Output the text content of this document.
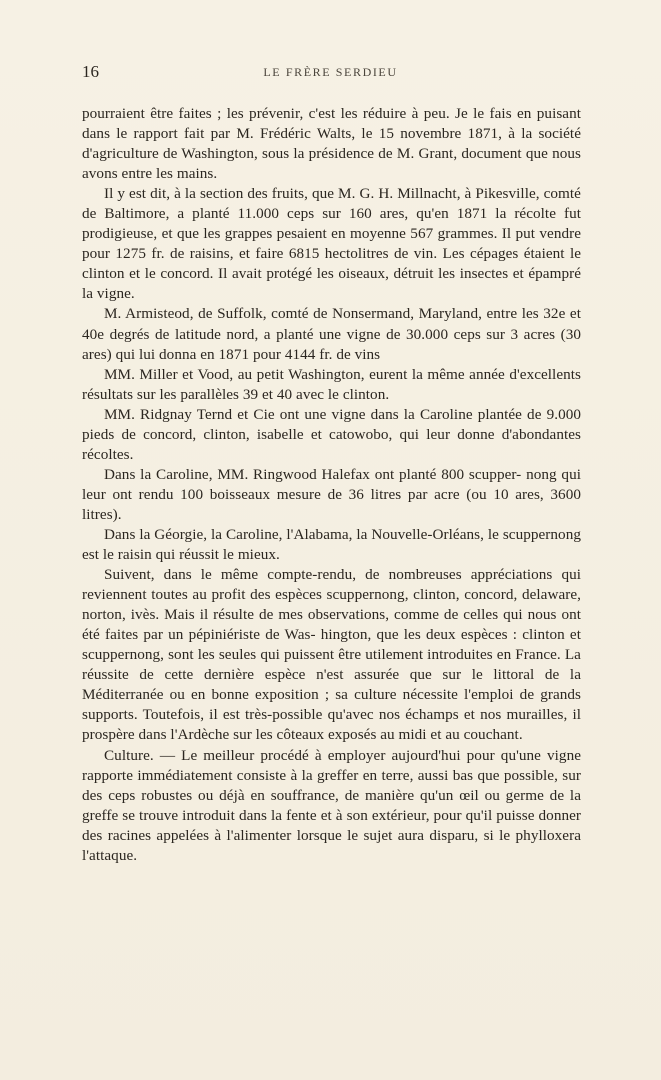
16	LE FRÈRE SERDIEU

pourraient être faites ; les prévenir, c'est les réduire à peu. Je le fais en puisant dans le rapport fait par M. Frédéric Walts, le 15 novembre 1871, à la société d'agriculture de Washington, sous la présidence de M. Grant, document que nous avons entre les mains.

Il y est dit, à la section des fruits, que M. G. H. Millnacht, à Pikesville, comté de Baltimore, a planté 11.000 ceps sur 160 ares, qu'en 1871 la récolte fut prodigieuse, et que les grappes pesaient en moyenne 567 grammes. Il put vendre pour 1275 fr. de raisins, et faire 6815 hectolitres de vin. Les cépages étaient le clinton et le concord. Il avait protégé les oiseaux, détruit les insectes et épampré la vigne.

M. Armisteod, de Suffolk, comté de Nonsermand, Maryland, entre les 32e et 40e degrés de latitude nord, a planté une vigne de 30.000 ceps sur 3 acres (30 ares) qui lui donna en 1871 pour 4144 fr. de vins

MM. Miller et Vood, au petit Washington, eurent la même année d'excellents résultats sur les parallèles 39 et 40 avec le clinton.

MM. Ridgnay Ternd et Cie ont une vigne dans la Caroline plantée de 9.000 pieds de concord, clinton, isabelle et catowobo, qui leur donne d'abondantes récoltes.

Dans la Caroline, MM. Ringwood Halefax ont planté 800 scupper- nong qui leur ont rendu 100 boisseaux mesure de 36 litres par acre (ou 10 ares, 3600 litres).

Dans la Géorgie, la Caroline, l'Alabama, la Nouvelle-Orléans, le scuppernong est le raisin qui réussit le mieux.

Suivent, dans le même compte-rendu, de nombreuses appréciations qui reviennent toutes au profit des espèces scuppernong, clinton, concord, delaware, norton, ivès. Mais il résulte de mes observations, comme de celles qui nous ont été faites par un pépiniériste de Was- hington, que les deux espèces : clinton et scuppernong, sont les seules qui puissent être utilement introduites en France. La réussite de cette dernière espèce n'est assurée que sur le littoral de la Méditerranée ou en bonne exposition ; sa culture nécessite l'emploi de grands supports. Toutefois, il est très-possible qu'avec nos échamps et nos murailles, il prospère dans l'Ardèche sur les côteaux exposés au midi et au couchant.

Culture. — Le meilleur procédé à employer aujourd'hui pour qu'une vigne rapporte immédiatement consiste à la greffer en terre, aussi bas que possible, sur des ceps robustes ou déjà en souffrance, de manière qu'un œil ou germe de la greffe se trouve introduit dans la fente et à son extérieur, pour qu'il puisse donner des racines appelées à l'alimenter lorsque le sujet aura disparu, si le phylloxera l'attaque.
